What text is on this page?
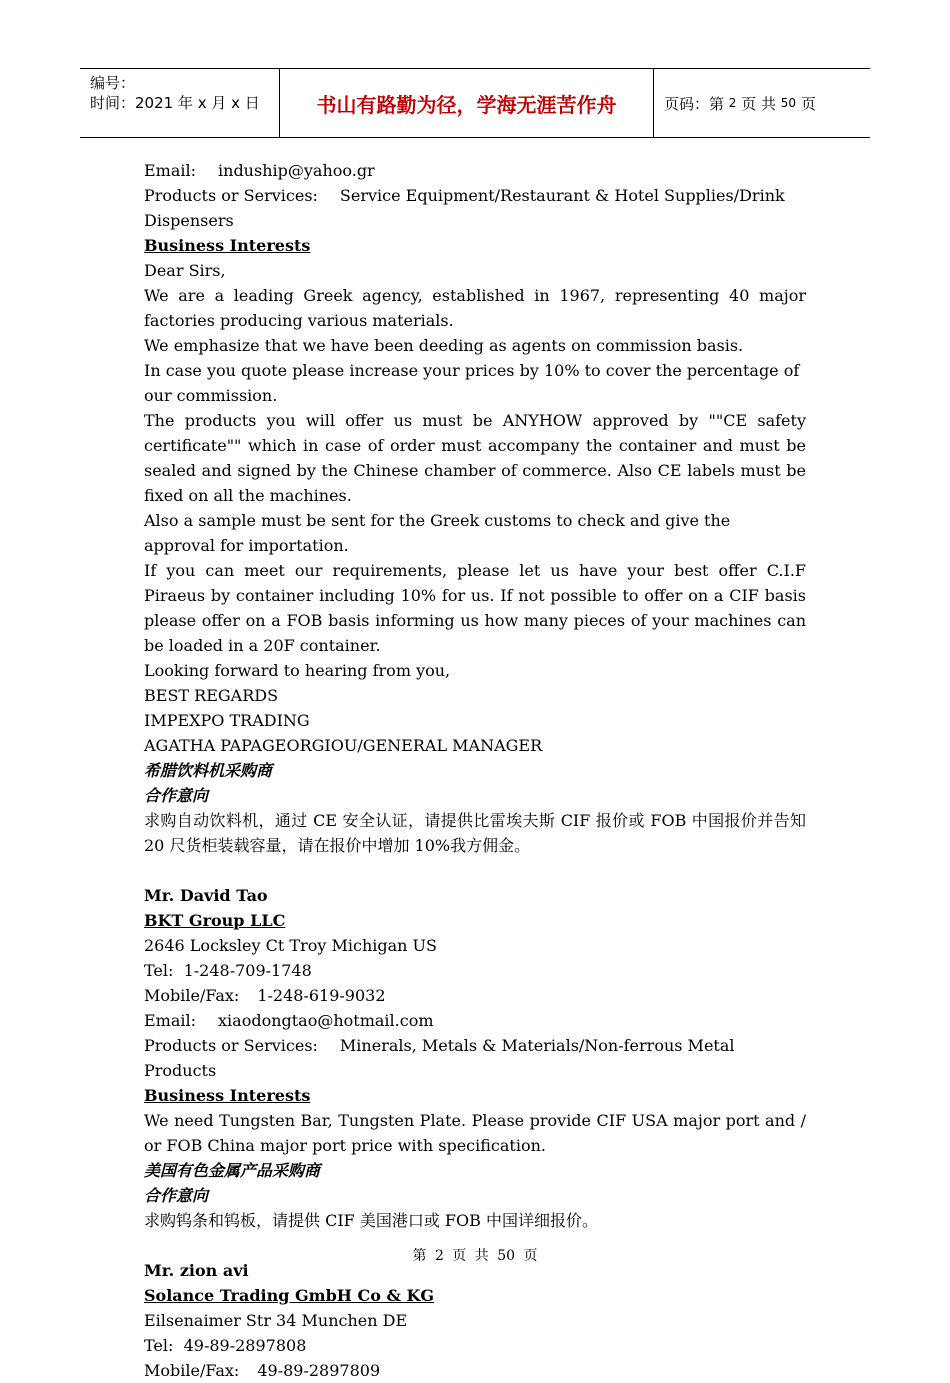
编号：
时间：2021 年 x 月 x 日	书山有路勤为径，学海无涯苦作舟	页码：第
2
页 共
50
页
Email: induship@yahoo.gr
Products or Services: Service Equipment/Restaurant & Hotel Supplies/Drink Dispensers
Business Interests
Dear Sirs,
We are a leading Greek agency, established in 1967, representing 40 major factories producing various materials.
We emphasize that we have been deeding as agents on commission basis.
In case you quote please increase your prices by 10% to cover the percentage of our commission.
The products you will offer us must be ANYHOW approved by ""CE safety certificate"" which in case of order must accompany the container and must be sealed and signed by the Chinese chamber of commerce. Also CE labels must be fixed on all the machines.
Also a sample must be sent for the Greek customs to check and give the approval for importation.
If you can meet our requirements, please let us have your best offer C.I.F Piraeus by container including 10% for us. If not possible to offer on a CIF basis please offer on a FOB basis informing us how many pieces of your machines can be loaded in a 20F container.
Looking forward to hearing from you,
BEST REGARDS
IMPEXPO TRADING
AGATHA PAPAGEORGIOU/GENERAL MANAGER
希腊饮料机采购商
合作意向
求购自动饮料机，通过 CE 安全认证，请提供比雷埃夫斯 CIF 报价或 FOB 中国报价并告知 20 尺货柜装载容量，请在报价中增加 10%我方佣金。
Mr. David Tao
BKT Group LLC
2646 Locksley Ct Troy Michigan US
Tel: 1-248-709-1748
Mobile/Fax: 1-248-619-9032
Email: xiaodongtao@hotmail.com
Products or Services: Minerals, Metals & Materials/Non-ferrous Metal Products
Business Interests
We need Tungsten Bar, Tungsten Plate. Please provide CIF USA major port and / or FOB China major port price with specification.
美国有色金属产品采购商
合作意向
求购钨条和钨板，请提供 CIF 美国港口或 FOB 中国详细报价。
Mr. zion avi
Solance Trading GmbH Co & KG
Eilsenaimer Str 34 Munchen DE
Tel: 49-89-2897808
Mobile/Fax: 49-89-2897809
第 2 页 共 50 页
